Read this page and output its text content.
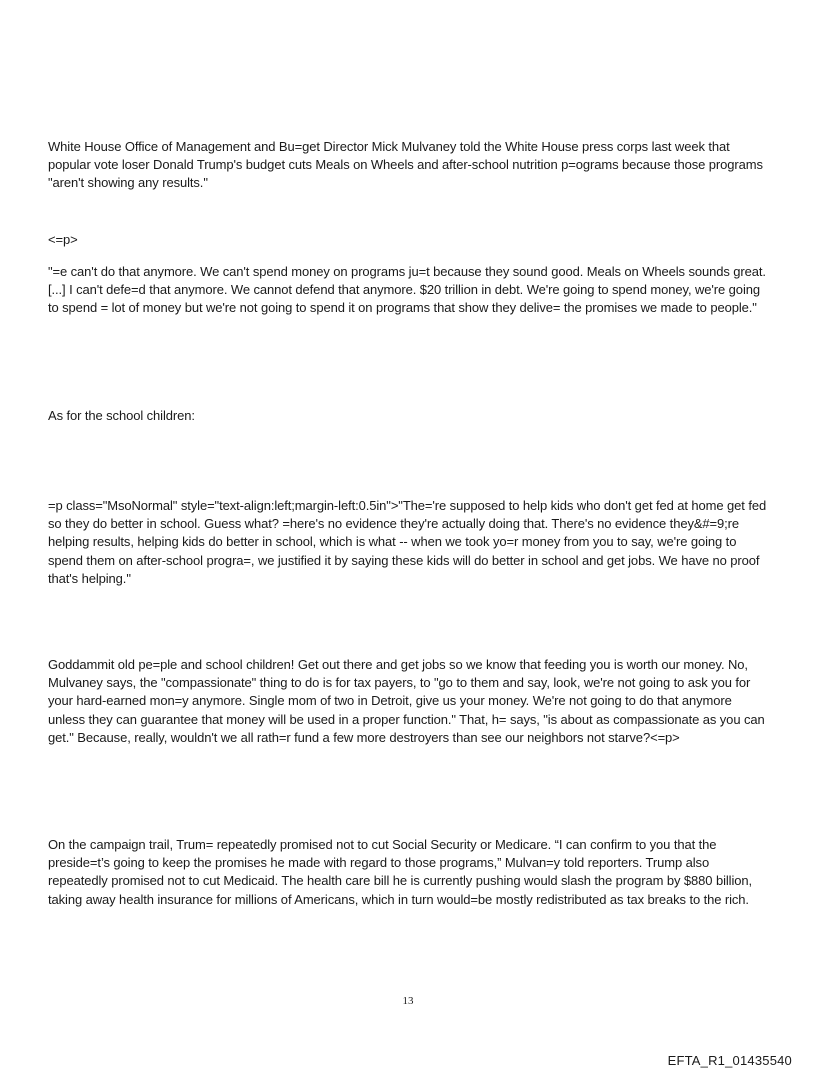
White House Office of Management and Bu=get Director Mick Mulvaney told the White House press corps last week that popular vote loser Donald Trump's budget cuts Meals on Wheels and after-school nutrition p=ograms because those programs "aren't showing any results."

<=p>

"=e can't do that anymore. We can't spend money on programs ju=t because they sound good. Meals on Wheels sounds great. [...] I can't defe=d that anymore. We cannot defend that anymore. $20 trillion in debt. We're going to spend money, we're going to spend = lot of money but we're not going to spend it on programs that show they delive= the promises we made to people."

As for the school children:

=p class="MsoNormal" style="text-align:left;margin-left:0.5in">"The='re supposed to help kids who don't get fed at home get fed so they do better in school. Guess what? =here's no evidence they're actually doing that. There's no evidence they&#=9;re helping results, helping kids do better in school, which is what -- when we took yo=r money from you to say, we're going to spend them on after-school progra=, we justified it by saying these kids will do better in school and get jobs. We have no proof that's helping."

Goddammit old pe=ple and school children! Get out there and get jobs so we know that feeding you is worth our money. No, Mulvaney says, the "compassionate" thing to do is for tax payers, to "go to them and say, look, we're not going to ask you for your hard-earned mon=y anymore. Single mom of two in Detroit, give us your money. We're not going to do that anymore unless they can guarantee that money will be used in a proper function." That, h= says, "is about as compassionate as you can get." Because, really, wouldn't we all rath=r fund a few more destroyers than see our neighbors not starve?<=p>

On the campaign trail, Trum= repeatedly promised not to cut Social Security or Medicare. “I can confirm to you that the preside=t’s going to keep the promises he made with regard to those programs,” Mulvan=y told reporters. Trump also repeatedly promised not to cut Medicaid. The health care bill he is currently pushing would slash the program by $880 billion, taking away health insurance for millions of Americans, which in turn would=be mostly redistributed as tax breaks to the rich.

13

EFTA_R1_01435540
